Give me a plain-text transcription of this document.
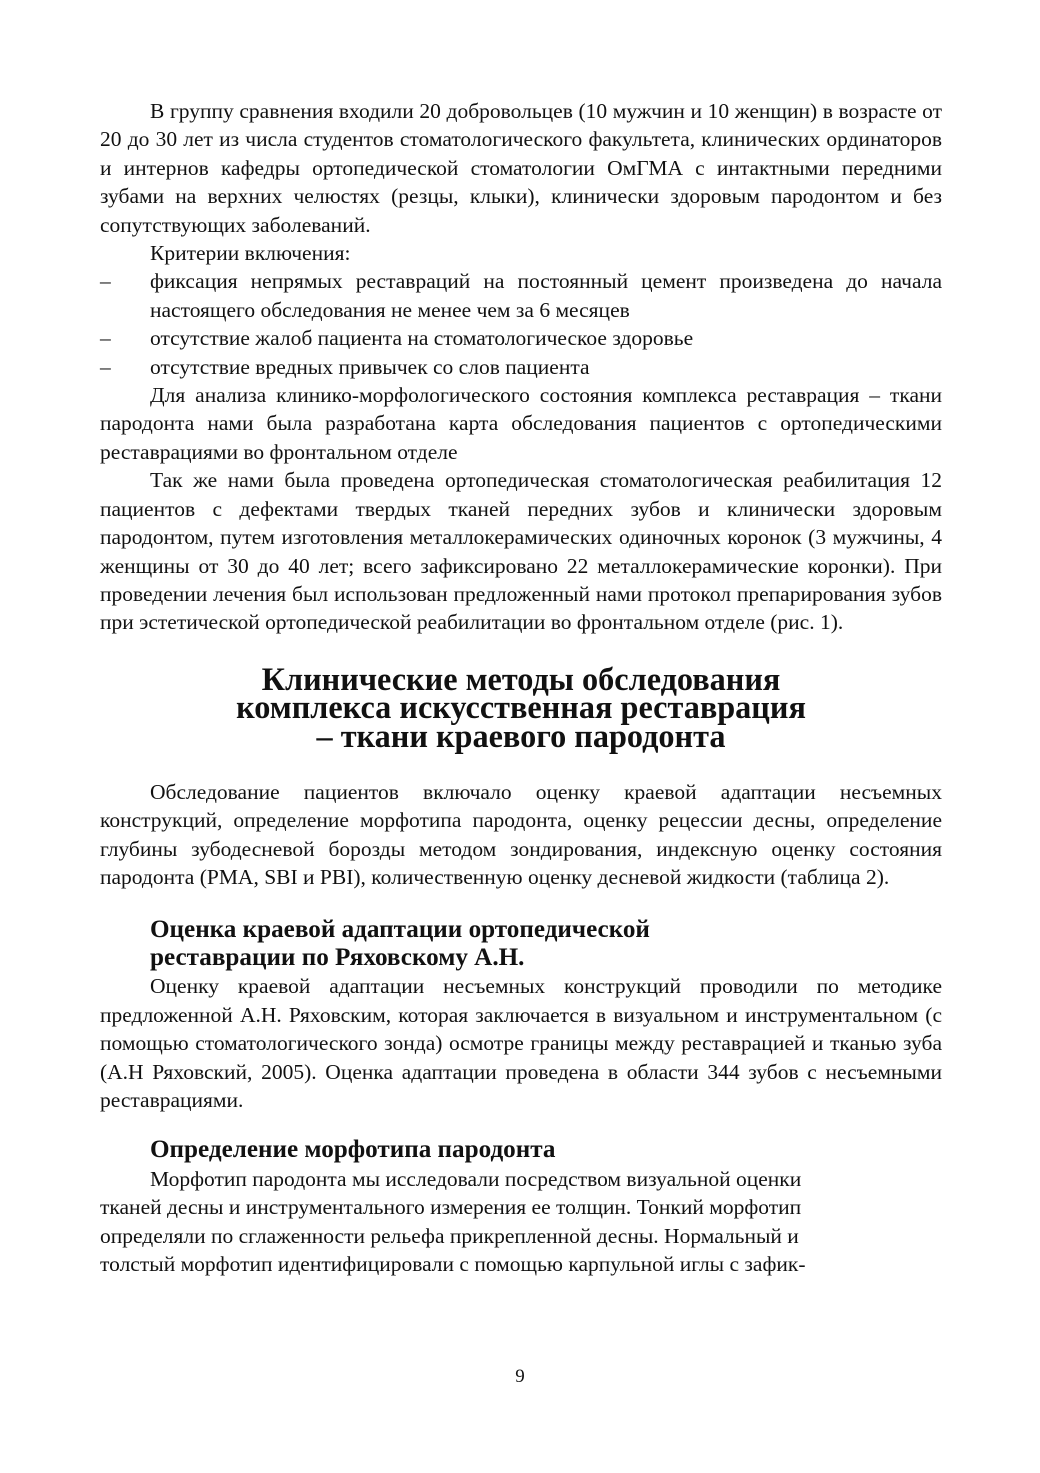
В группу сравнения входили 20 добровольцев (10 мужчин и 10 женщин) в возрасте от 20 до 30 лет из числа студентов стоматологического факультета, клинических ординаторов и интернов кафедры ортопедической стоматологии ОмГМА с интактными передними зубами на верхних челюстях (резцы, клыки), клинически здоровым пародонтом и без сопутствующих заболеваний.

Критерии включения:

– фиксация непрямых реставраций на постоянный цемент произведена до начала настоящего обследования не менее чем за 6 месяцев
– отсутствие жалоб пациента на стоматологическое здоровье
– отсутствие вредных привычек со слов пациента

Для анализа клинико-морфологического состояния комплекса реставрация – ткани пародонта нами была разработана карта обследования пациентов с ортопедическими реставрациями во фронтальном отделе

Так же нами была проведена ортопедическая стоматологическая реабилитация 12 пациентов с дефектами твердых тканей передних зубов и клинически здоровым пародонтом, путем изготовления металлокерамических одиночных коронок (3 мужчины, 4 женщины от 30 до 40 лет; всего зафиксировано 22 металлокерамические коронки). При проведении лечения был использован предложенный нами протокол препарирования зубов при эстетической ортопедической реабилитации во фронтальном отделе (рис. 1).

Клинические методы обследования
комплекса искусственная реставрация
– ткани краевого пародонта

Обследование пациентов включало оценку краевой адаптации несъемных конструкций, определение морфотипа пародонта, оценку рецессии десны, определение глубины зубодесневой борозды методом зондирования, индексную оценку состояния пародонта (PMA, SBI и PBI), количественную оценку десневой жидкости (таблица 2).

Оценка краевой адаптации ортопедической
реставрации по Ряховскому А.Н.

Оценку краевой адаптации несъемных конструкций проводили по методике предложенной А.Н. Ряховским, которая заключается в визуальном и инструментальном (с помощью стоматологического зонда) осмотре границы между реставрацией и тканью зуба (А.Н Ряховский, 2005). Оценка адаптации проведена в области 344 зубов с несъемными реставрациями.

Определение морфотипа пародонта
Морфотип пародонта мы исследовали посредством визуальной оценки
тканей десны и инструментального измерения ее толщин. Тонкий морфотип
определяли по сглаженности рельефа прикрепленной десны. Нормальный и
толстый морфотип идентифицировали с помощью карпульной иглы с зафик-
9
